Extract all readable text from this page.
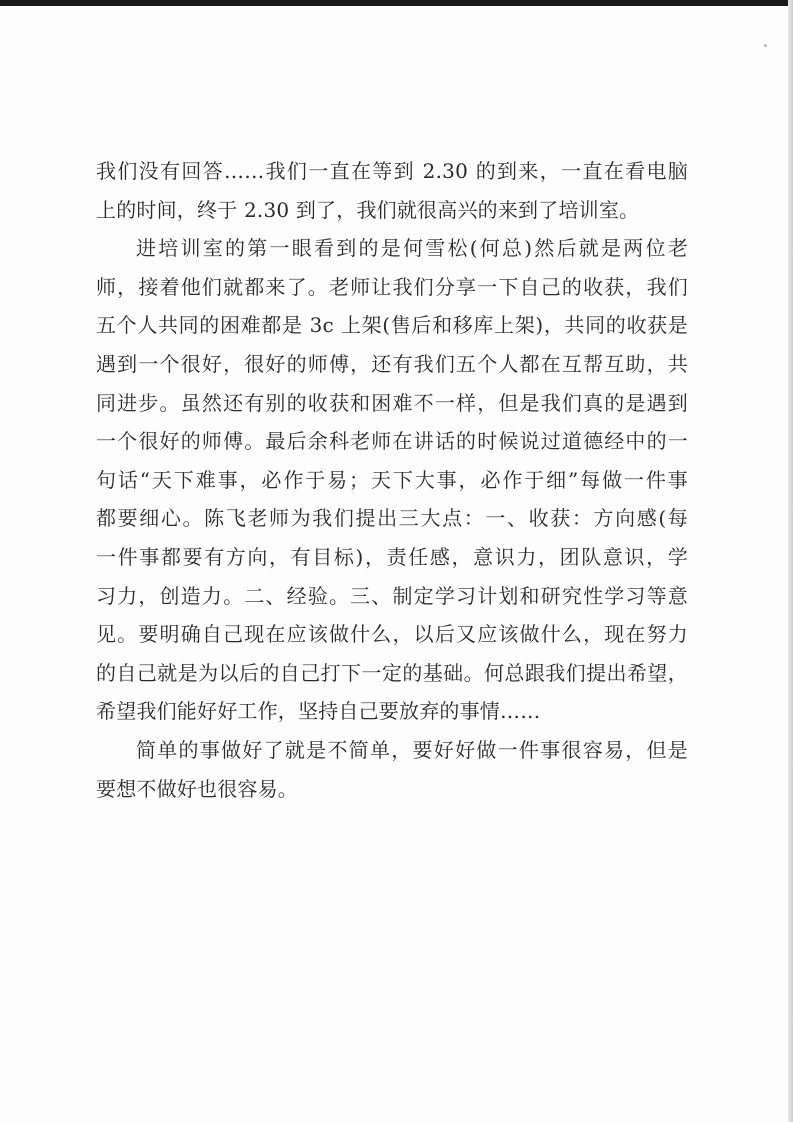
我们没有回答……我们一直在等到 2.30 的到来，一直在看电脑
上的时间，终于 2.30 到了，我们就很高兴的来到了培训室。
进培训室的第一眼看到的是何雪松(何总)然后就是两位老
师，接着他们就都来了。老师让我们分享一下自己的收获，我们
五个人共同的困难都是 3c 上架(售后和移库上架)，共同的收获是
遇到一个很好，很好的师傅，还有我们五个人都在互帮互助，共
同进步。虽然还有别的收获和困难不一样，但是我们真的是遇到
一个很好的师傅。最后余科老师在讲话的时候说过道德经中的一
句话“天下难事，必作于易；天下大事，必作于细”每做一件事
都要细心。陈飞老师为我们提出三大点：一、收获：方向感(每
一件事都要有方向，有目标)，责任感，意识力，团队意识，学
习力，创造力。二、经验。三、制定学习计划和研究性学习等意
见。要明确自己现在应该做什么，以后又应该做什么，现在努力
的自己就是为以后的自己打下一定的基础。何总跟我们提出希望，
希望我们能好好工作，坚持自己要放弃的事情……
简单的事做好了就是不简单，要好好做一件事很容易，但是
要想不做好也很容易。
